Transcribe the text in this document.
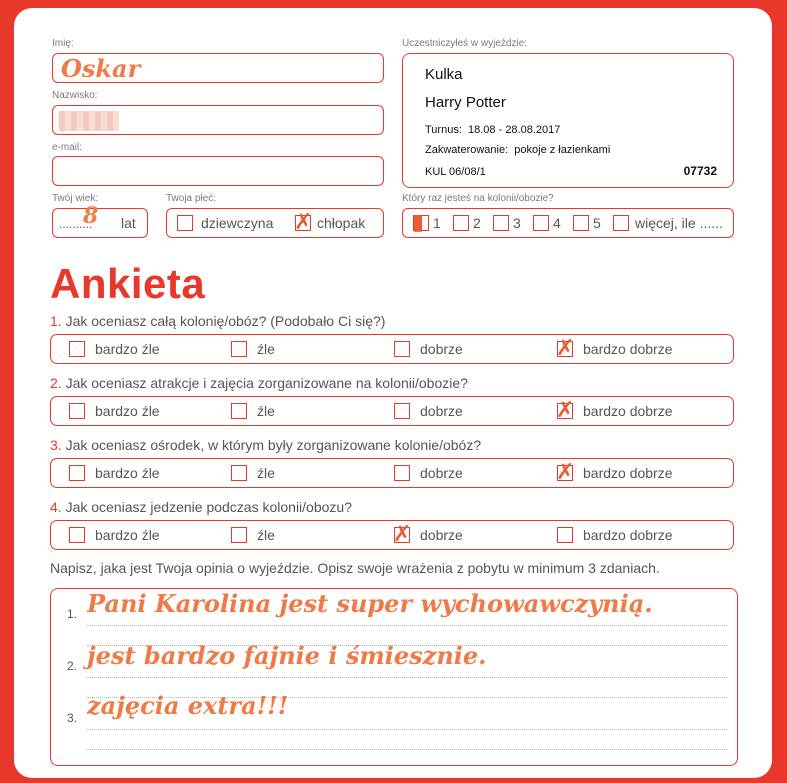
Imię:
Oskar
Nazwisko:
e-mail:
Twój wiek:
..........
8 lat
Twoja płeć:
dziewczyna ✗ chłopak
Uczestniczyłeś w wyjeździe:
Kulka
Harry Potter
Turnus: 18.08 - 28.08.2017
Zakwaterowanie: pokoje z łazienkami
KUL 06/08/1	07732
Który raz jesteś na kolonii/obozie?
▮ 1 2 3 4 5 więcej, ile ......
Ankieta
1. Jak oceniasz całą kolonię/obóz? (Podobało Ci się?)
bardzo źle	źle	dobrze	✗ bardzo dobrze
2. Jak oceniasz atrakcje i zajęcia zorganizowane na kolonii/obozie?
bardzo źle	źle	dobrze	✗ bardzo dobrze
3. Jak oceniasz ośrodek, w którym były zorganizowane kolonie/obóz?
bardzo źle	źle	dobrze	✗ bardzo dobrze
4. Jak oceniasz jedzenie podczas kolonii/obozu?
bardzo źle	źle	✗ dobrze	bardzo dobrze
Napisz, jaka jest Twoja opinia o wyjeździe. Opisz swoje wrażenia z pobytu w minimum 3 zdaniach.
1. Pani Karolina jest super wychowawczynią.
2. jest bardzo fajnie i śmiesznie.
3. zajęcia extra!!!
